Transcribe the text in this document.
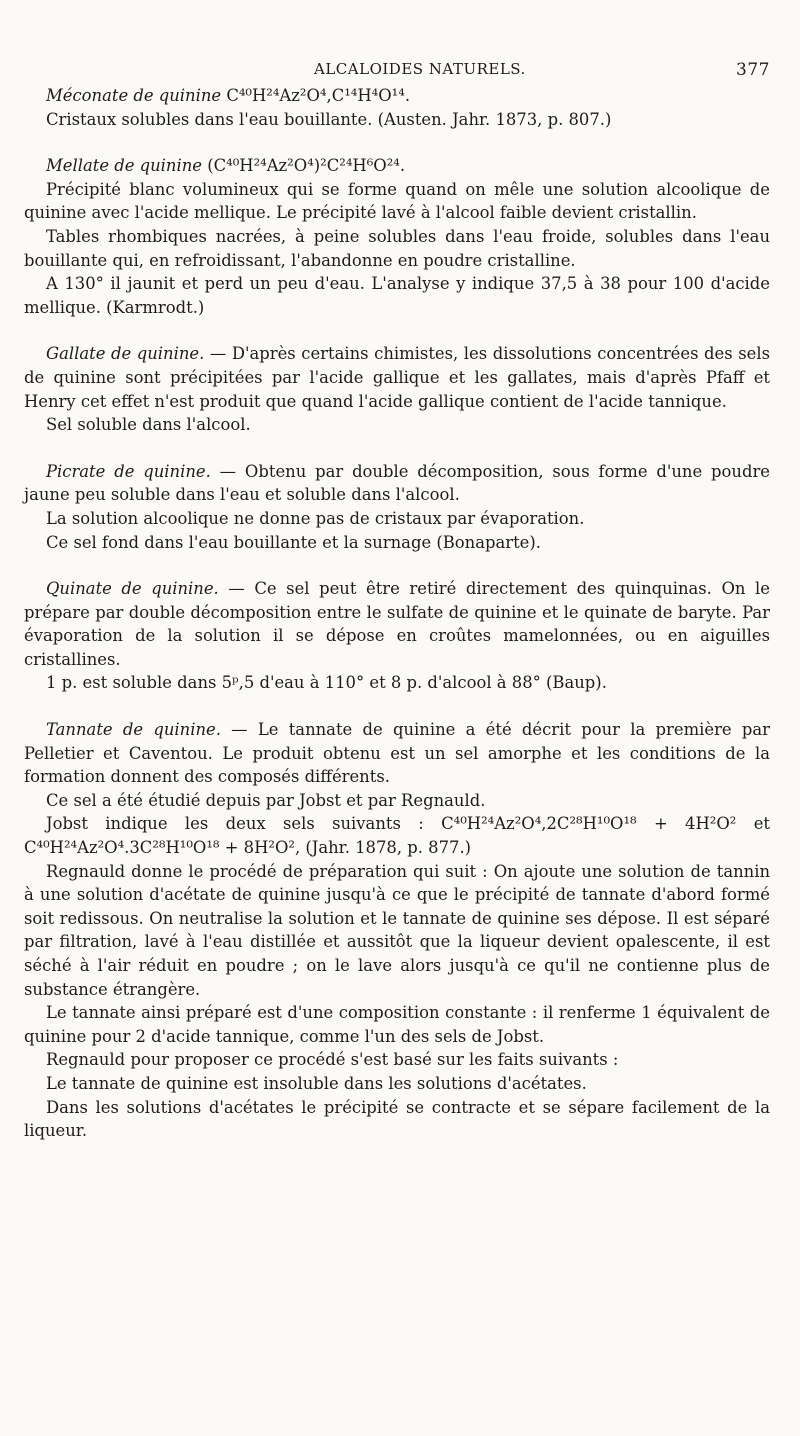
ALCALOIDES NATURELS.	377

Méconate de quinine C⁴⁰H²⁴Az²O⁴,C¹⁴H⁴O¹⁴.

Cristaux solubles dans l'eau bouillante. (Austen. Jahr. 1873, p. 807.)

Mellate de quinine (C⁴⁰H²⁴Az²O⁴)²C²⁴H⁶O²⁴.

Précipité blanc volumineux qui se forme quand on mêle une solution alcoolique de quinine avec l'acide mellique. Le précipité lavé à l'alcool faible devient cristallin.

Tables rhombiques nacrées, à peine solubles dans l'eau froide, solubles dans l'eau bouillante qui, en refroidissant, l'abandonne en poudre cristalline.

A 130° il jaunit et perd un peu d'eau. L'analyse y indique 37,5 à 38 pour 100 d'acide mellique. (Karmrodt.)

Gallate de quinine. — D'après certains chimistes, les dissolutions concentrées des sels de quinine sont précipitées par l'acide gallique et les gallates, mais d'après Pfaff et Henry cet effet n'est produit que quand l'acide gallique contient de l'acide tannique.

Sel soluble dans l'alcool.

Picrate de quinine. — Obtenu par double décomposition, sous forme d'une poudre jaune peu soluble dans l'eau et soluble dans l'alcool.

La solution alcoolique ne donne pas de cristaux par évaporation.

Ce sel fond dans l'eau bouillante et la surnage (Bonaparte).

Quinate de quinine. — Ce sel peut être retiré directement des quinquinas. On le prépare par double décomposition entre le sulfate de quinine et le quinate de baryte. Par évaporation de la solution il se dépose en croûtes mamelonnées, ou en aiguilles cristallines.

1 p. est soluble dans 5ᵖ,5 d'eau à 110° et 8 p. d'alcool à 88° (Baup).

Tannate de quinine. — Le tannate de quinine a été décrit pour la première par Pelletier et Caventou. Le produit obtenu est un sel amorphe et les conditions de la formation donnent des composés différents.

Ce sel a été étudié depuis par Jobst et par Regnauld.

Jobst indique les deux sels suivants : C⁴⁰H²⁴Az²O⁴,2C²⁸H¹⁰O¹⁸ + 4H²O² et C⁴⁰H²⁴Az²O⁴.3C²⁸H¹⁰O¹⁸ + 8H²O², (Jahr. 1878, p. 877.)

Regnauld donne le procédé de préparation qui suit : On ajoute une solution de tannin à une solution d'acétate de quinine jusqu'à ce que le précipité de tannate d'abord formé soit redissous. On neutralise la solution et le tannate de quinine ses dépose. Il est séparé par filtration, lavé à l'eau distillée et aussitôt que la liqueur devient opalescente, il est séché à l'air réduit en poudre ; on le lave alors jusqu'à ce qu'il ne contienne plus de substance étrangère.

Le tannate ainsi préparé est d'une composition constante : il renferme 1 équivalent de quinine pour 2 d'acide tannique, comme l'un des sels de Jobst.

Regnauld pour proposer ce procédé s'est basé sur les faits suivants :

Le tannate de quinine est insoluble dans les solutions d'acétates.

Dans les solutions d'acétates le précipité se contracte et se sépare facilement de la liqueur.
